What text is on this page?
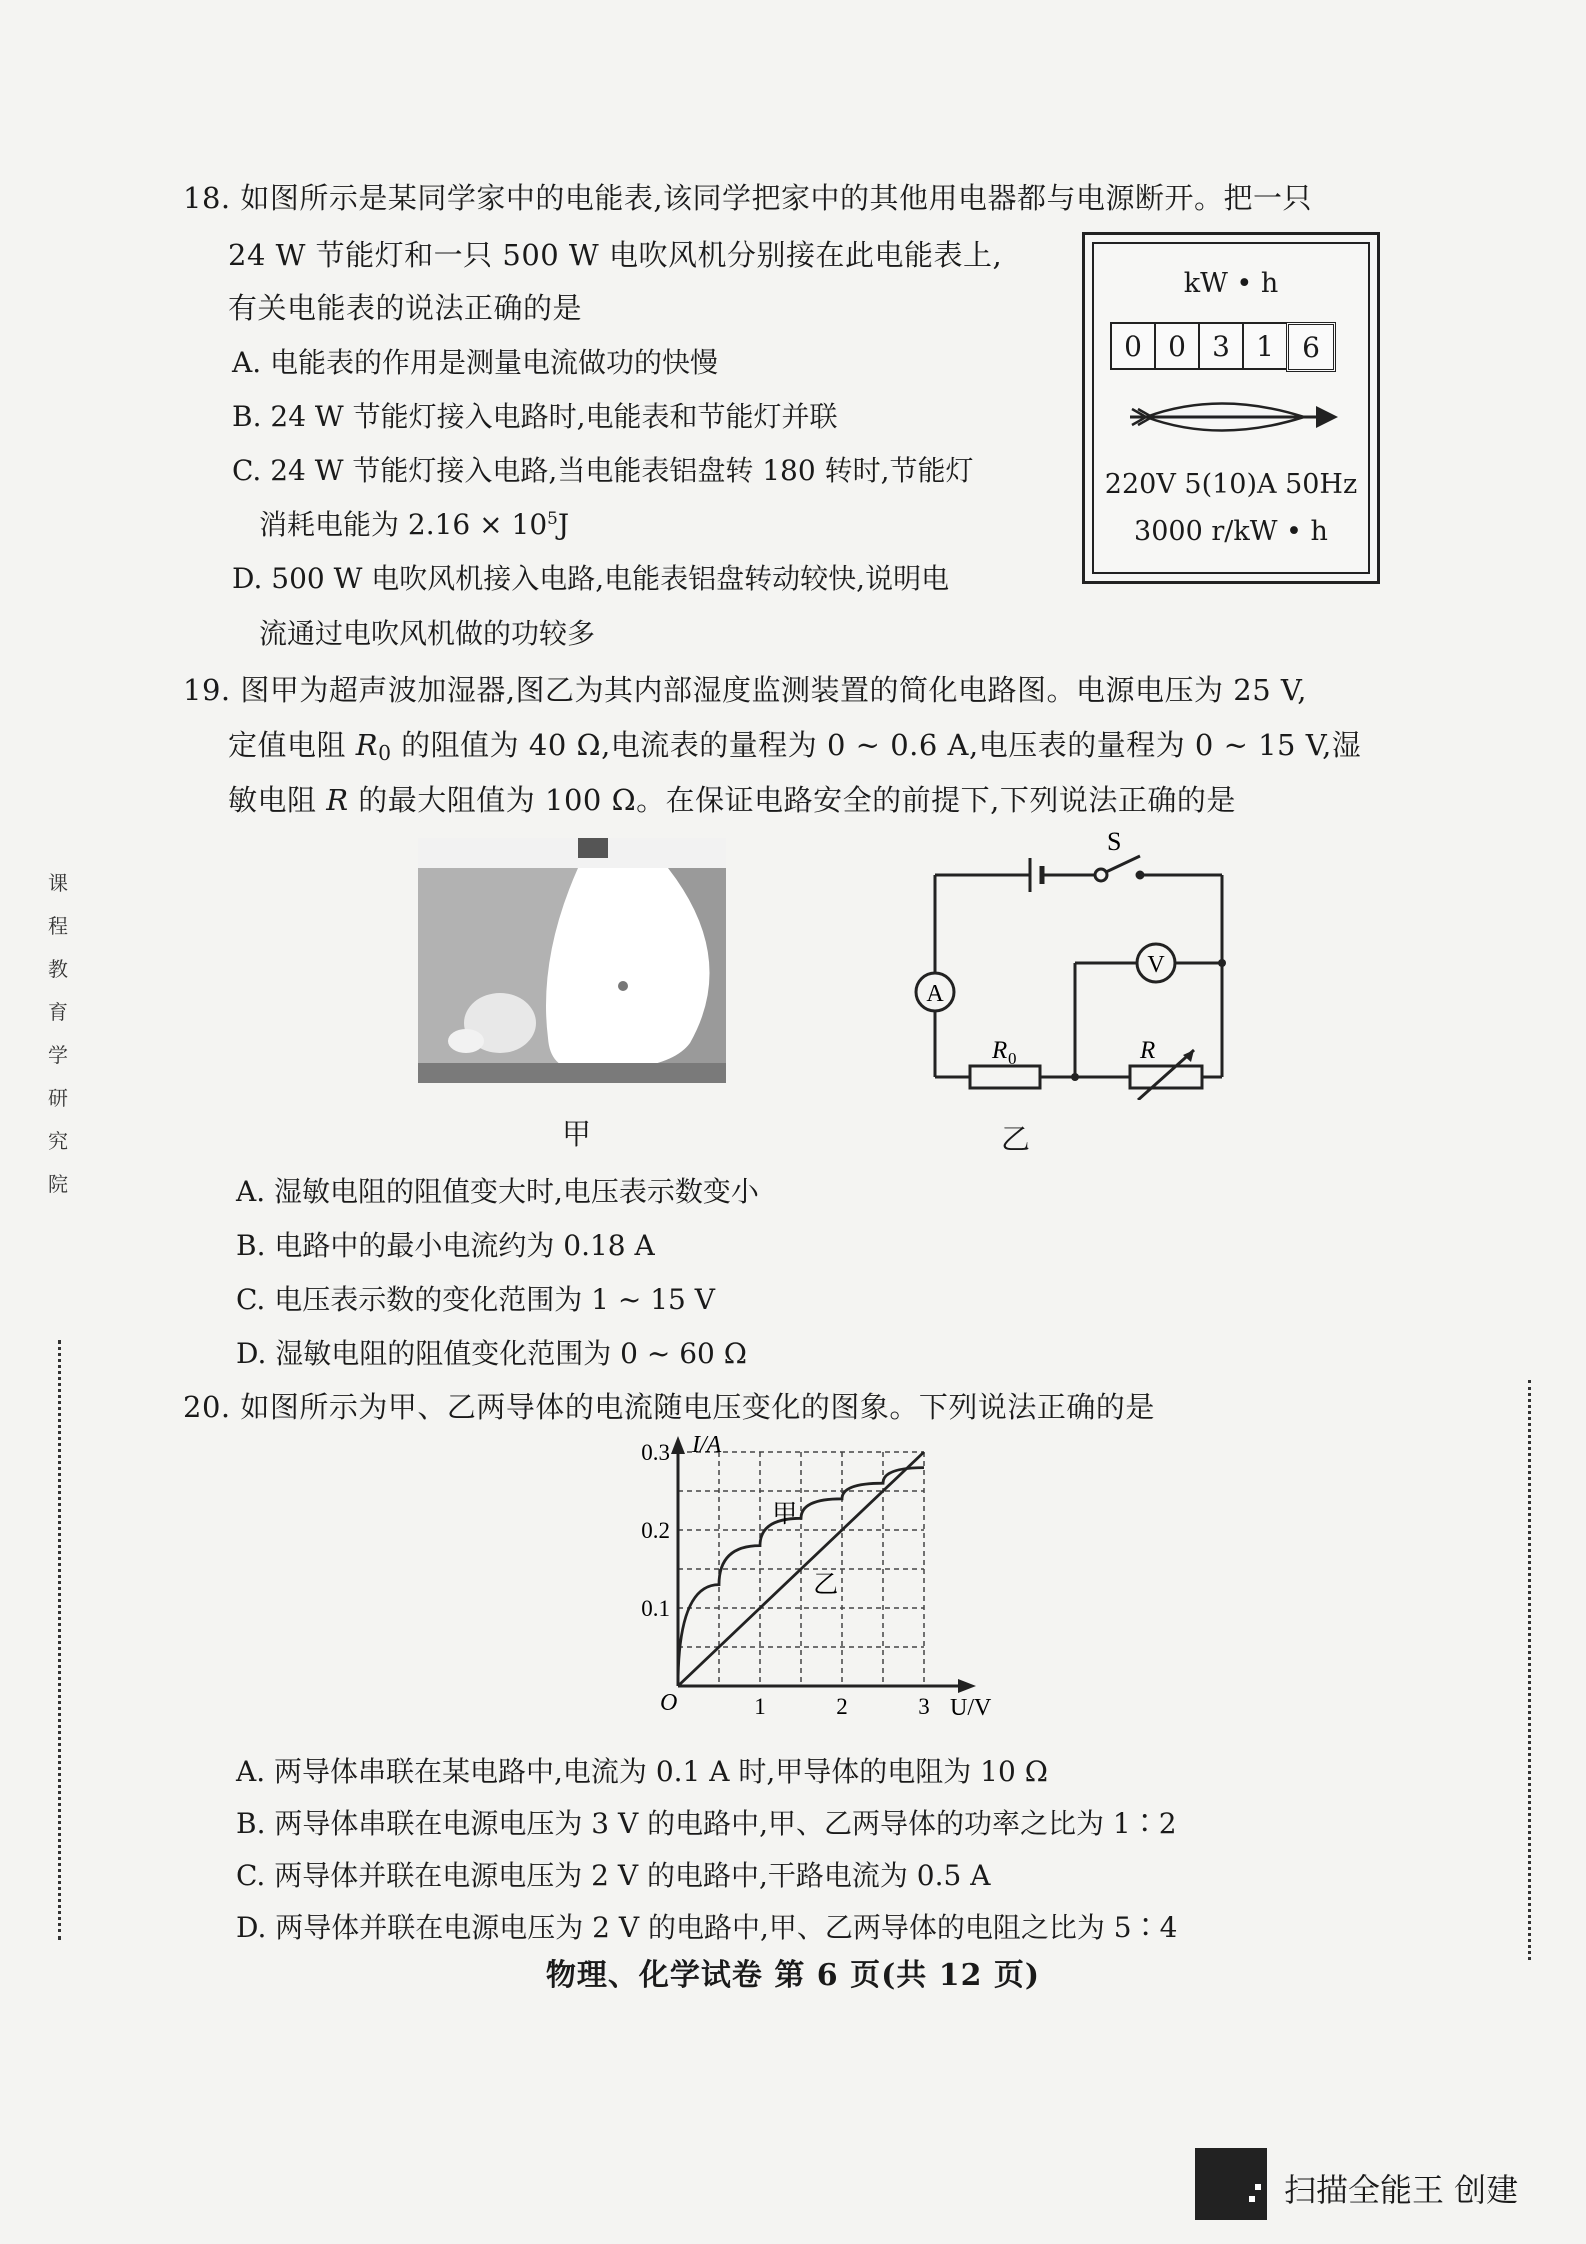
18. 如图所示是某同学家中的电能表,该同学把家中的其他用电器都与电源断开。把一只
24 W 节能灯和一只 500 W 电吹风机分别接在此电能表上,
有关电能表的说法正确的是
A. 电能表的作用是测量电流做功的快慢
B. 24 W 节能灯接入电路时,电能表和节能灯并联
C. 24 W 节能灯接入电路,当电能表铝盘转 180 转时,节能灯
消耗电能为 $2.16 \times 10^5J$
D. 500 W 电吹风机接入电路,电能表铝盘转动较快,说明电
流通过电吹风机做的功较多
kW • h
0 0 3 1	6
220V 5(10)A 50Hz
3000 r/kW • h
19. 图甲为超声波加湿器,图乙为其内部湿度监测装置的简化电路图。电源电压为 25 V,
定值电阻 $R_0$ 的阻值为 40 Ω,电流表的量程为 0 ~ 0.6 A,电压表的量程为 0 ~ 15 V,湿
敏电阻 R 的最大阻值为 100 Ω。在保证电路安全的前提下,下列说法正确的是
甲
S
A
V
R 0	R
乙
A. 湿敏电阻的阻值变大时,电压表示数变小
B. 电路中的最小电流约为 0.18 A
C. 电压表示数的变化范围为 1 ~ 15 V
D. 湿敏电阻的阻值变化范围为 0 ~ 60 Ω
20. 如图所示为甲、乙两导体的电流随电压变化的图象。下列说法正确的是
1	2	3
0.1
0.2
0.3
甲
乙
O
I/A
U/V
A. 两导体串联在某电路中,电流为 0.1 A 时,甲导体的电阻为 10 Ω
B. 两导体串联在电源电压为 3 V 的电路中,甲、乙两导体的功率之比为 1∶2
C. 两导体并联在电源电压为 2 V 的电路中,干路电流为 0.5 A
D. 两导体并联在电源电压为 2 V 的电路中,甲、乙两导体的电阻之比为 5∶4
物理、化学试卷 第 6 页(共 12 页)
课
程
教
育
学
研
究
院
扫描全能王 创建
